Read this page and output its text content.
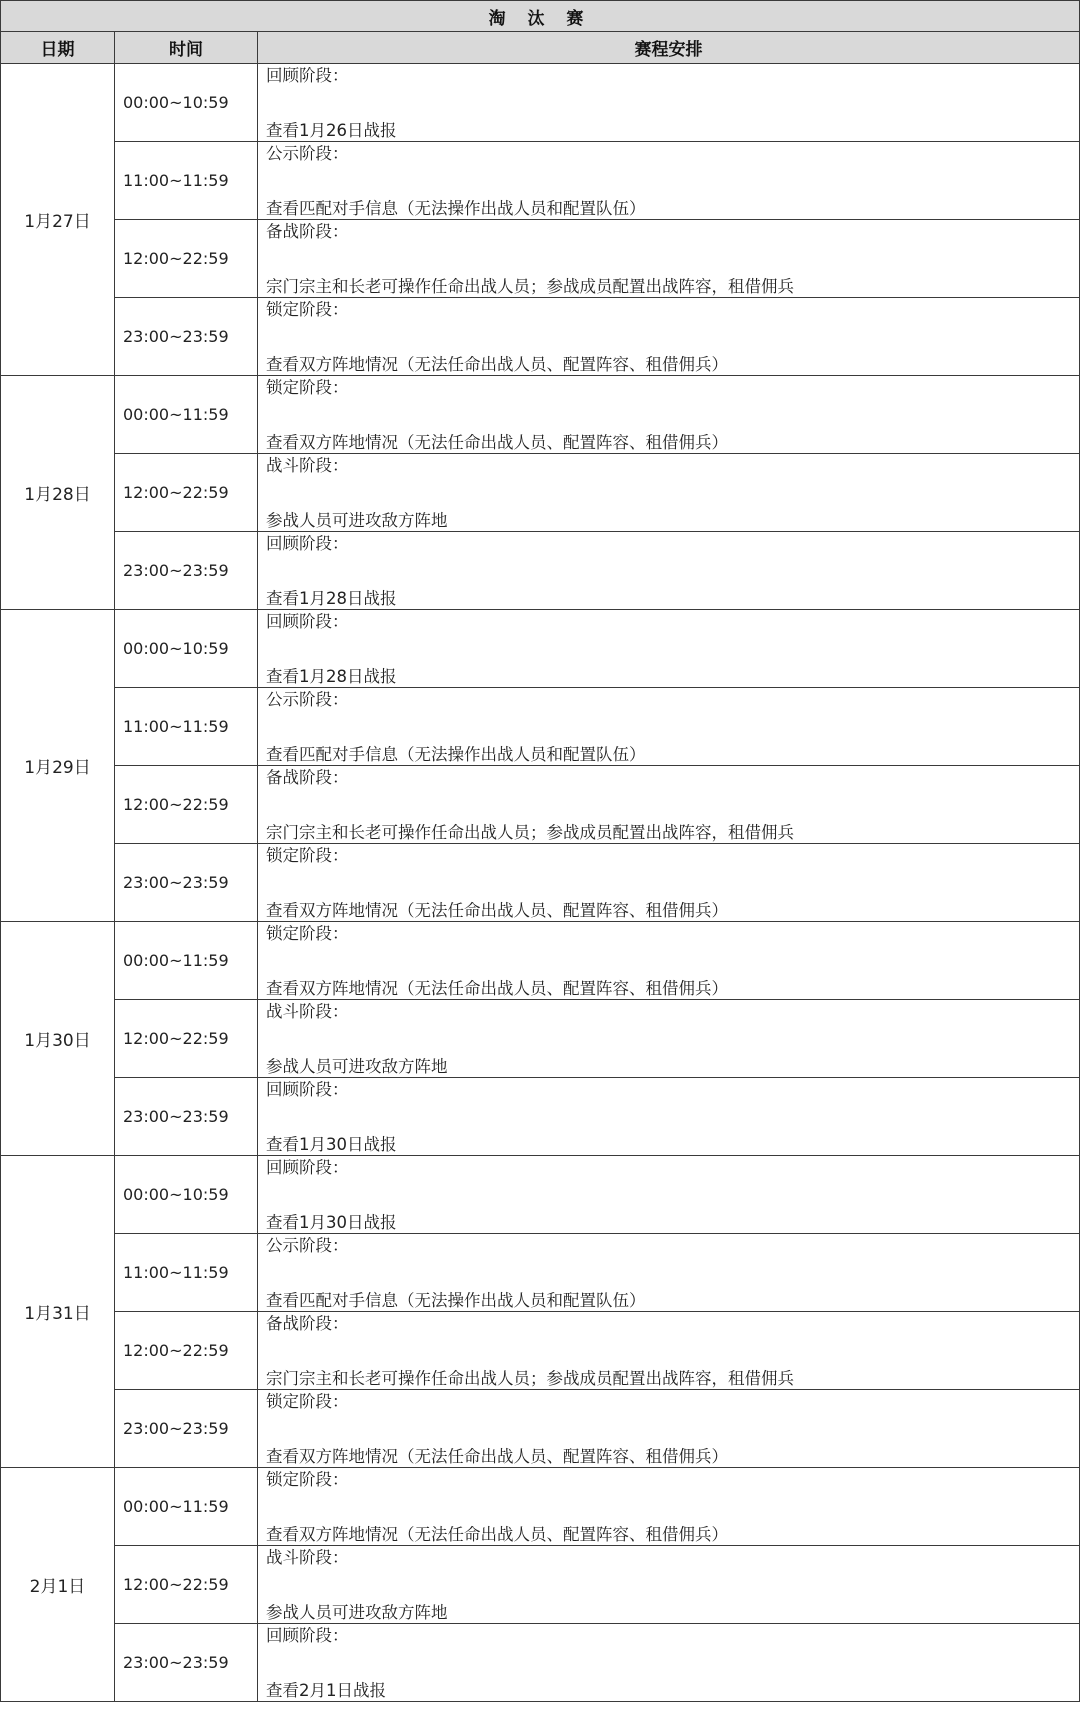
淘 汰 赛		
日期	时间	赛程安排
1月27日	00:00~10:59	回顾阶段：
查看1月26日战报

	11:00~11:59	公示阶段：
查看匹配对手信息（无法操作出战人员和配置队伍）

	12:00~22:59	备战阶段：
宗门宗主和长老可操作任命出战人员；参战成员配置出战阵容，租借佣兵

	23:00~23:59	锁定阶段：
查看双方阵地情况（无法任命出战人员、配置阵容、租借佣兵）

1月28日	00:00~11:59	锁定阶段：
查看双方阵地情况（无法任命出战人员、配置阵容、租借佣兵）

	12:00~22:59	战斗阶段：
参战人员可进攻敌方阵地

	23:00~23:59	回顾阶段：
查看1月28日战报

1月29日	00:00~10:59	回顾阶段：
查看1月28日战报

	11:00~11:59	公示阶段：
查看匹配对手信息（无法操作出战人员和配置队伍）

	12:00~22:59	备战阶段：
宗门宗主和长老可操作任命出战人员；参战成员配置出战阵容，租借佣兵

	23:00~23:59	锁定阶段：
查看双方阵地情况（无法任命出战人员、配置阵容、租借佣兵）

1月30日	00:00~11:59	锁定阶段：
查看双方阵地情况（无法任命出战人员、配置阵容、租借佣兵）

	12:00~22:59	战斗阶段：
参战人员可进攻敌方阵地

	23:00~23:59	回顾阶段：
查看1月30日战报

1月31日	00:00~10:59	回顾阶段：
查看1月30日战报

	11:00~11:59	公示阶段：
查看匹配对手信息（无法操作出战人员和配置队伍）

	12:00~22:59	备战阶段：
宗门宗主和长老可操作任命出战人员；参战成员配置出战阵容，租借佣兵

	23:00~23:59	锁定阶段：
查看双方阵地情况（无法任命出战人员、配置阵容、租借佣兵）

2月1日	00:00~11:59	锁定阶段：
查看双方阵地情况（无法任命出战人员、配置阵容、租借佣兵）

	12:00~22:59	战斗阶段：
参战人员可进攻敌方阵地

	23:00~23:59	回顾阶段：
查看2月1日战报
